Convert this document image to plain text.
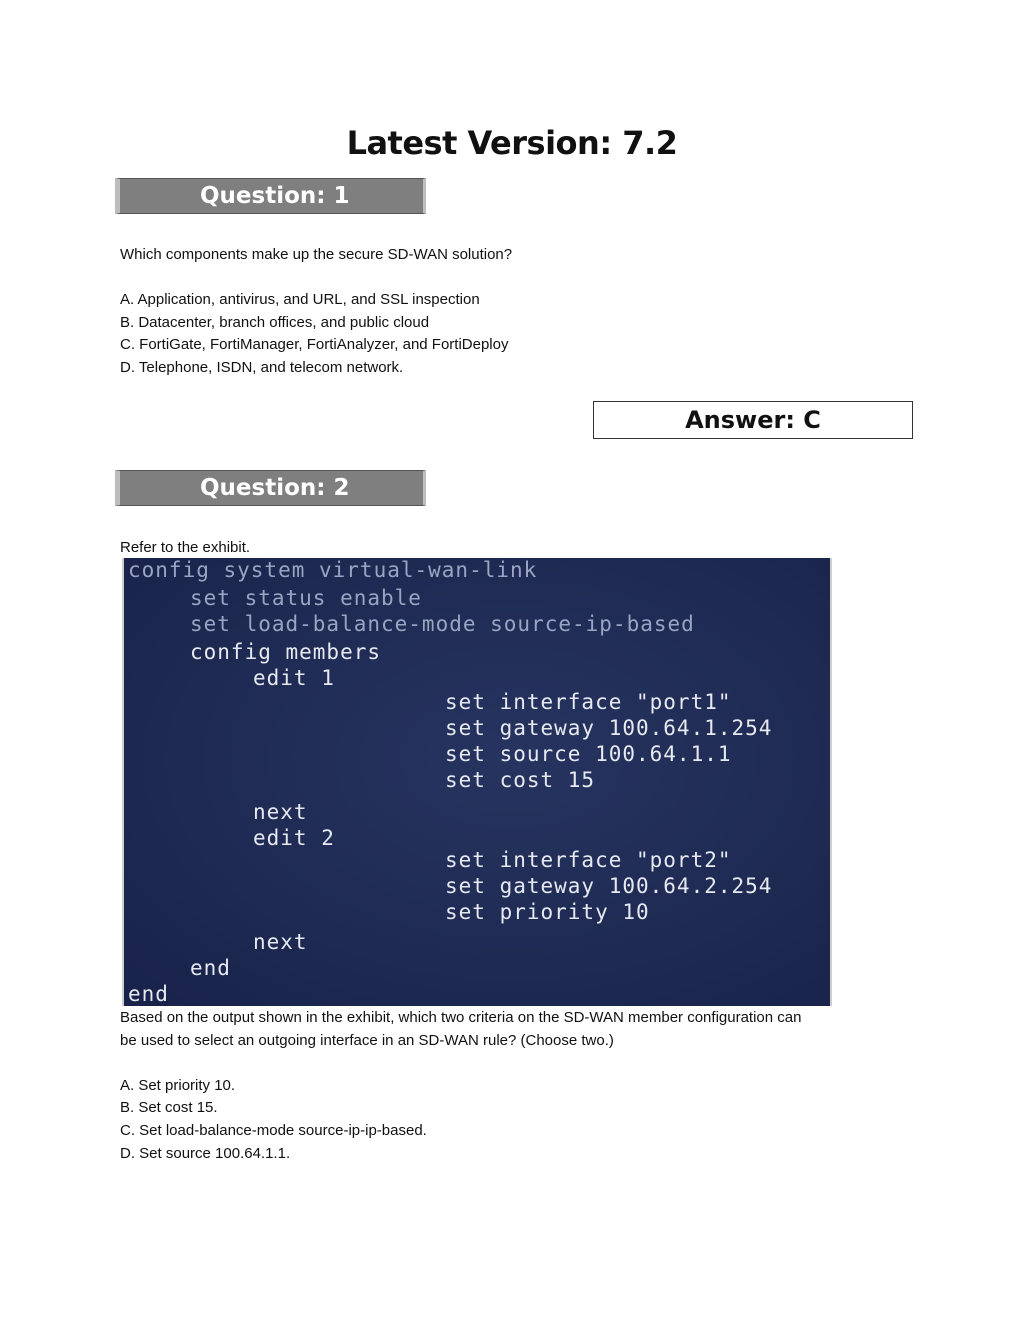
Latest Version: 7.2
Question: 1

Which components make up the secure SD-WAN solution?

A. Application, antivirus, and URL, and SSL inspection

B. Datacenter, branch offices, and public cloud

C. FortiGate, FortiManager, FortiAnalyzer, and FortiDeploy

D. Telephone, ISDN, and telecom network.

Answer: C
Question: 2
Refer to the exhibit.
config system virtual-wan-link
set status enable
set load-balance-mode source-ip-based
config members
edit 1
set interface "port1"
set gateway 100.64.1.254
set source 100.64.1.1
set cost 15
next
edit 2
set interface "port2"
set gateway 100.64.2.254
set priority 10
next
end
end

Based on the output shown in the exhibit, which two criteria on the SD-WAN member configuration can

be used to select an outgoing interface in an SD-WAN rule? (Choose two.)

A. Set priority 10.

B. Set cost 15.

C. Set load-balance-mode source-ip-ip-based.

D. Set source 100.64.1.1.
